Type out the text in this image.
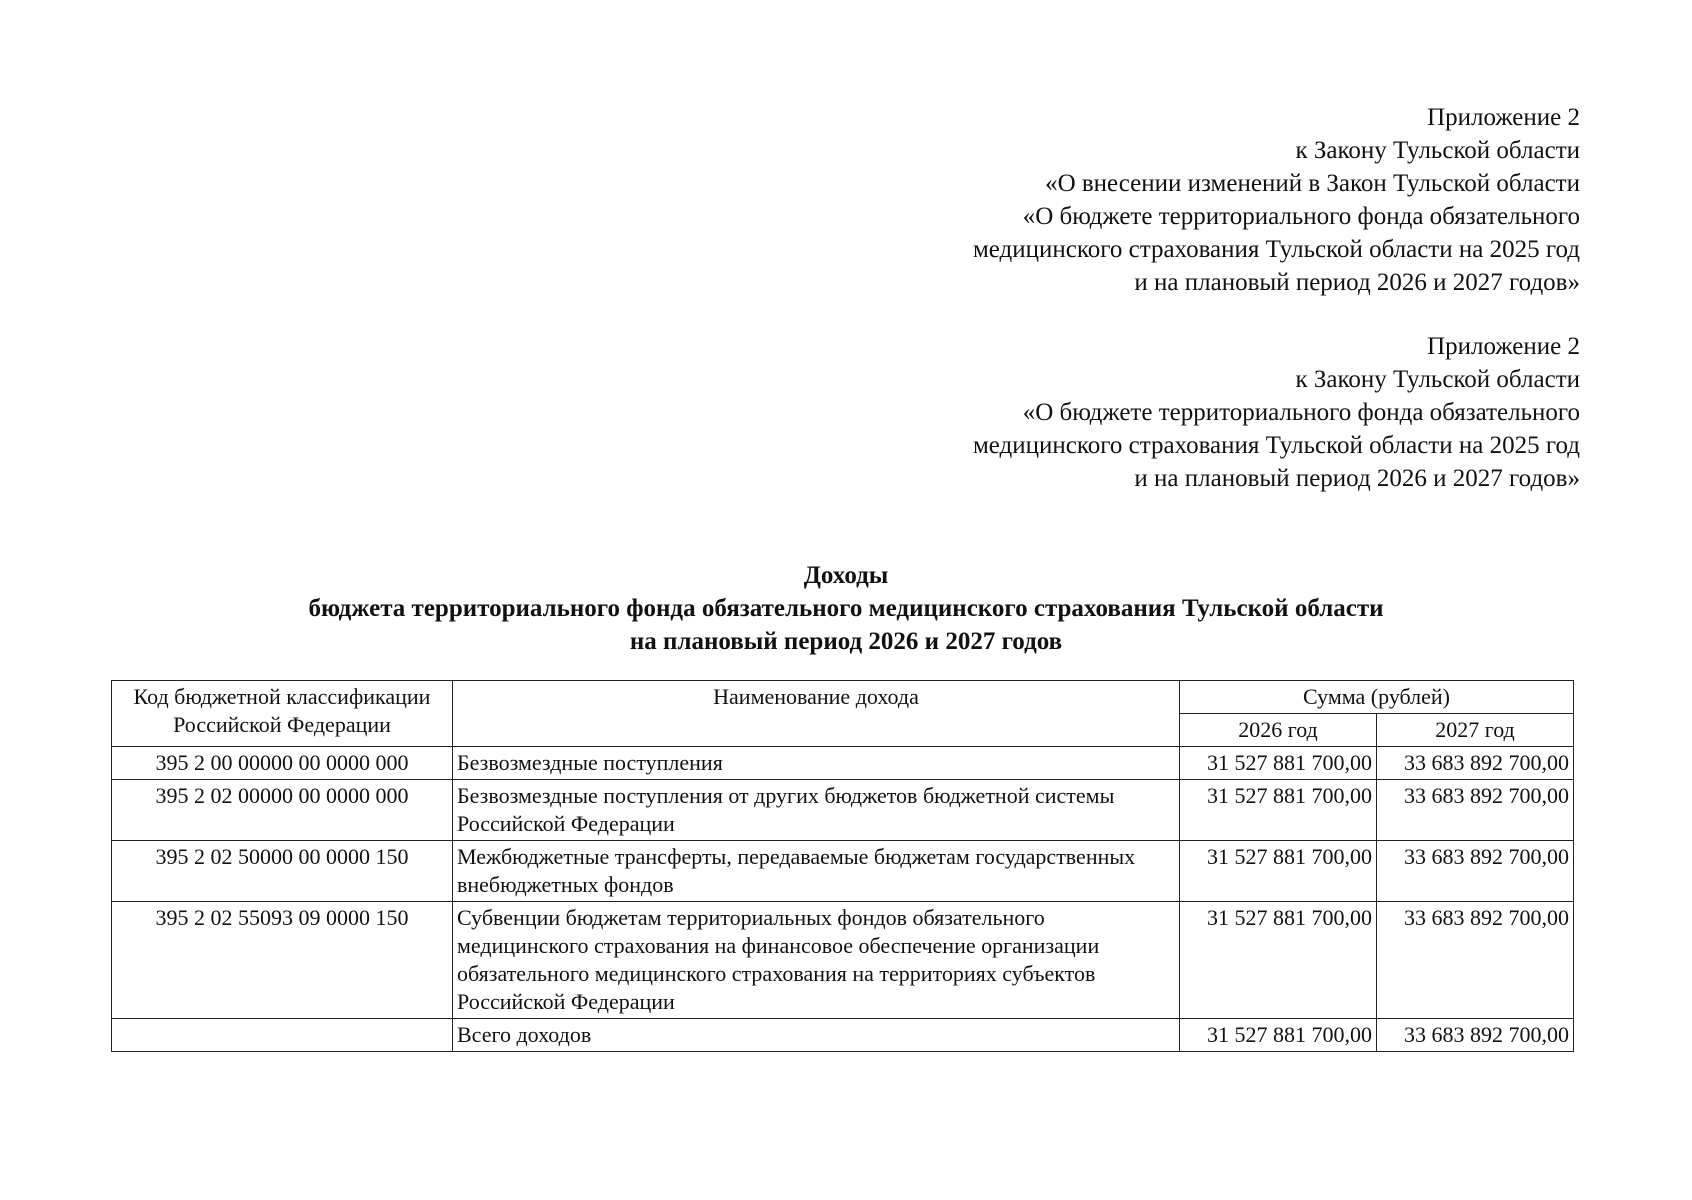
Приложение 2
к Закону Тульской области
«О внесении изменений в Закон Тульской области
«О бюджете территориального фонда обязательного
медицинского страхования Тульской области на 2025 год
и на плановый период 2026 и 2027 годов»
Приложение 2
к Закону Тульской области
«О бюджете территориального фонда обязательного
медицинского страхования Тульской области на 2025 год
и на плановый период 2026 и 2027 годов»
Доходы
бюджета территориального фонда обязательного медицинского страхования Тульской области
на плановый период 2026 и 2027 годов
Код бюджетной классификации Российской Федерации	Наименование дохода	Сумма (рублей)	
		2026 год	2027 год
395 2 00 00000 00 0000 000	Безвозмездные поступления	31 527 881 700,00	33 683 892 700,00
395 2 02 00000 00 0000 000	Безвозмездные поступления от других бюджетов бюджетной системы Российской Федерации	31 527 881 700,00	33 683 892 700,00
395 2 02 50000 00 0000 150	Межбюджетные трансферты, передаваемые бюджетам государственных внебюджетных фондов	31 527 881 700,00	33 683 892 700,00
395 2 02 55093 09 0000 150	Субвенции бюджетам территориальных фондов обязательного медицинского страхования на финансовое обеспечение организации обязательного медицинского страхования на территориях субъектов Российской Федерации	31 527 881 700,00	33 683 892 700,00
	Всего доходов	31 527 881 700,00	33 683 892 700,00
